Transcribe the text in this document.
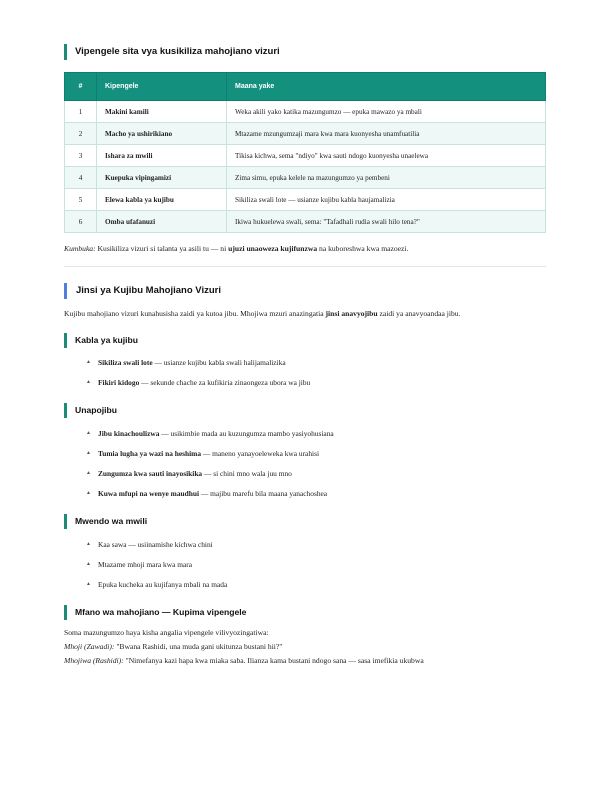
Vipengele sita vya kusikiliza mahojiano vizuri
#	Kipengele	Maana yake
1	Makini kamili	Weka akili yako katika mazungumzo — epuka mawazo ya mbali
2	Macho ya ushirikiano	Mtazame mzungumzaji mara kwa mara kuonyesha unamfuatilia
3	Ishara za mwili	Tikisa kichwa, sema "ndiyo" kwa sauti ndogo kuonyesha unaelewa
4	Kuepuka vipingamizi	Zima simu, epuka kelele na mazungumzo ya pembeni
5	Elewa kabla ya kujibu	Sikiliza swali lote — usianze kujibu kabla haujamalizia
6	Omba ufafanuzi	Ikiwa hukuelewa swali, sema: "Tafadhali rudia swali hilo tena?"
Kumbuka: Kusikiliza vizuri si talanta ya asili tu — ni ujuzi unaoweza kujifunzwa na kuboreshwa kwa mazoezi.
Jinsi ya Kujibu Mahojiano Vizuri
Kujibu mahojiano vizuri kunahusisha zaidi ya kutoa jibu. Mhojiwa mzuri anazingatia jinsi anavyojibu zaidi ya anavyoandaa jibu.
Kabla ya kujibu
▲ Sikiliza swali lote — usianze kujibu kabla swali halijamalizika
▲ Fikiri kidogo — sekunde chache za kufikiria zinaongeza ubora wa jibu
Unapojibu
▲ Jibu kinachoulizwa — usikimbie mada au kuzungumza mambo yasiyohusiana
▲ Tumia lugha ya wazi na heshima — maneno yanayoeleweka kwa urahisi
▲ Zungumza kwa sauti inayosikika — si chini mno wala juu mno
▲ Kuwa mfupi na wenye maudhui — majibu marefu bila maana yanachoshea
Mwendo wa mwili
▲ Kaa sawa — usiinamishe kichwa chini
▲ Mtazame mhoji mara kwa mara
▲ Epuka kucheka au kujifanya mbali na mada
Mfano wa mahojiano — Kupima vipengele
Soma mazungumzo haya kisha angalia vipengele vilivyozingatiwa:
Mhoji (Zawadi): "Bwana Rashidi, una muda gani ukitunza bustani hii?"
Mhojiwa (Rashidi): "Nimefanya kazi hapa kwa miaka saba. Ilianza kama bustani ndogo sana — sasa imefikia ukubwa
